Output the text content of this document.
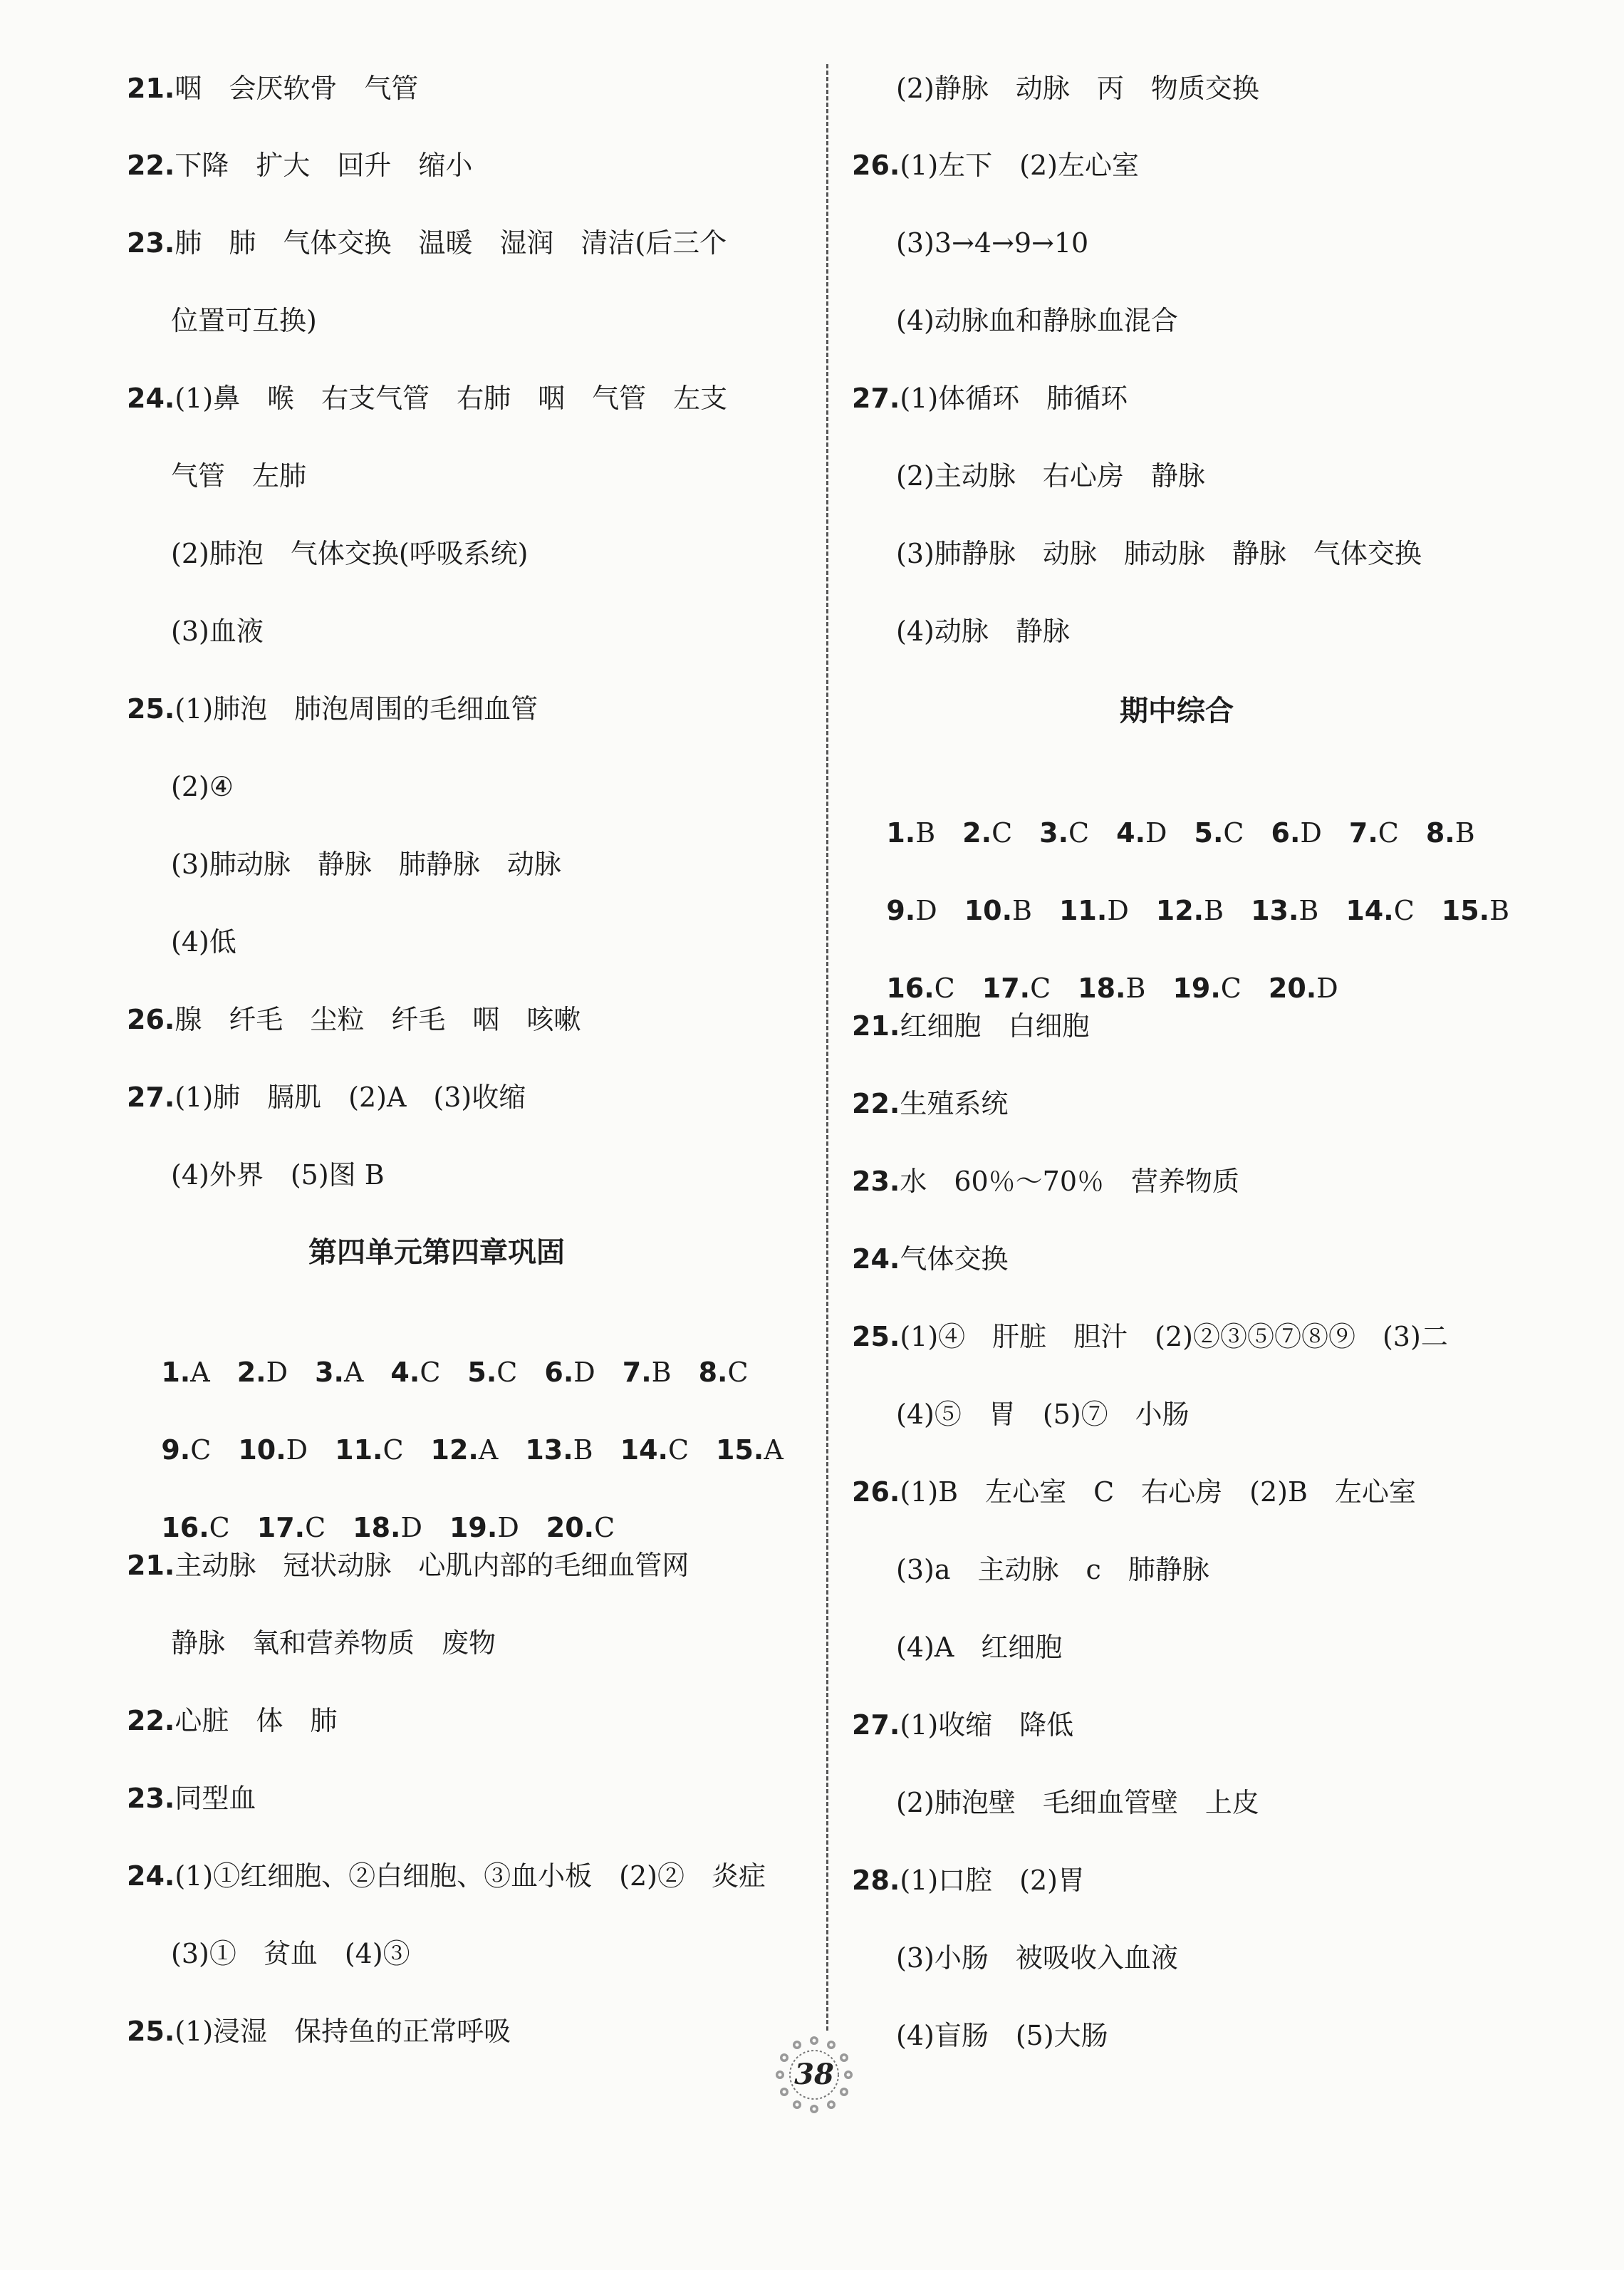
21.咽　会厌软骨　气管
22.下降　扩大　回升　缩小
23.肺　肺　气体交换　温暖　湿润　清洁(后三个
位置可互换)
24.(1)鼻　喉　右支气管　右肺　咽　气管　左支
气管　左肺
(2)肺泡　气体交换(呼吸系统)
(3)血液
25.(1)肺泡　肺泡周围的毛细血管
(2)④
(3)肺动脉　静脉　肺静脉　动脉
(4)低
26.腺　纤毛　尘粒　纤毛　咽　咳嗽
27.(1)肺　膈肌　(2)A　(3)收缩
(4)外界　(5)图 B
第四单元第四章巩固

1.A　 2.D　 3.A　 4.C　 5.C　 6.D　 7.B　 8.C

9.C　 10.D　 11.C　 12.A　 13.B　 14.C　 15.A

16.C　 17.C　 18.D　 19.D　 20.C

21.主动脉　冠状动脉　心肌内部的毛细血管网
静脉　氧和营养物质　废物
22.心脏　体　肺
23.同型血
24.(1)①红细胞、②白细胞、③血小板　(2)②　炎症
(3)①　贫血　(4)③
25.(1)浸湿　保持鱼的正常呼吸
(2)静脉　动脉　丙　物质交换
26.(1)左下　(2)左心室
(3)3→4→9→10
(4)动脉血和静脉血混合
27.(1)体循环　肺循环
(2)主动脉　右心房　静脉
(3)肺静脉　动脉　肺动脉　静脉　气体交换
(4)动脉　静脉
期中综合

1.B　 2.C　 3.C　 4.D　 5.C　 6.D　 7.C　 8.B

9.D　 10.B　 11.D　 12.B　 13.B　 14.C　 15.B

16.C　 17.C　 18.B　 19.C　 20.D

21.红细胞　白细胞
22.生殖系统
23.水　60％～70％　营养物质
24.气体交换
25.(1)④　肝脏　胆汁　(2)②③⑤⑦⑧⑨　(3)二
(4)⑤　胃　(5)⑦　小肠
26.(1)B　左心室　C　右心房　(2)B　左心室
(3)a　主动脉　c　肺静脉
(4)A　红细胞
27.(1)收缩　降低
(2)肺泡壁　毛细血管壁　上皮
28.(1)口腔　(2)胃
(3)小肠　被吸收入血液
(4)盲肠　(5)大肠
38
